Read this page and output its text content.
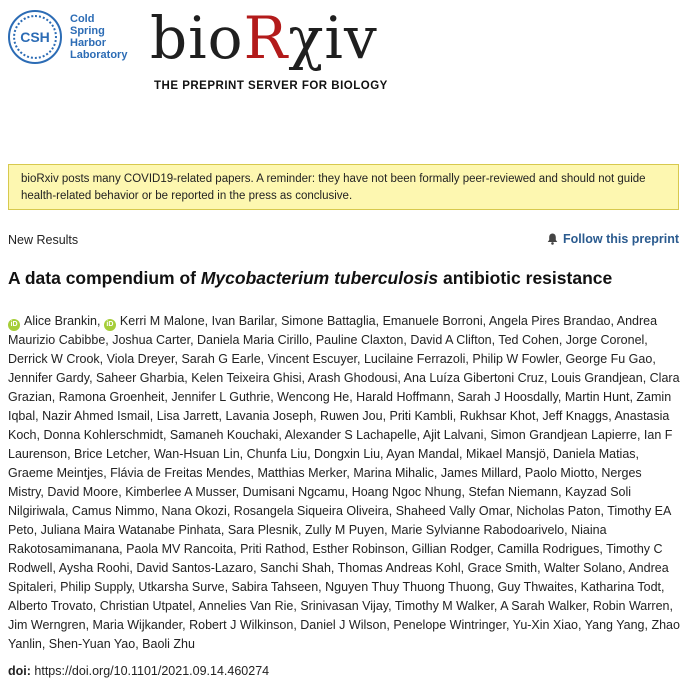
CSH
Cold
Spring
Harbor
Laboratory bioRχiv
THE PREPRINT SERVER FOR BIOLOGY
bioRxiv posts many COVID19-related papers. A reminder: they have not been formally peer-reviewed and should not guide health-related behavior or be reported in the press as conclusive.
New Results	Follow this preprint
A data compendium of Mycobacterium tuberculosis antibiotic resistance
iD Alice Brankin, iD Kerri M Malone, Ivan Barilar, Simone Battaglia, Emanuele Borroni, Angela Pires Brandao, Andrea Maurizio Cabibbe, Joshua Carter, Daniela Maria Cirillo, Pauline Claxton, David A Clifton, Ted Cohen, Jorge Coronel, Derrick W Crook, Viola Dreyer, Sarah G Earle, Vincent Escuyer, Lucilaine Ferrazoli, Philip W Fowler, George Fu Gao, Jennifer Gardy, Saheer Gharbia, Kelen Teixeira Ghisi, Arash Ghodousi, Ana Luíza Gibertoni Cruz, Louis Grandjean, Clara Grazian, Ramona Groenheit, Jennifer L Guthrie, Wencong He, Harald Hoffmann, Sarah J Hoosdally, Martin Hunt, Zamin Iqbal, Nazir Ahmed Ismail, Lisa Jarrett, Lavania Joseph, Ruwen Jou, Priti Kambli, Rukhsar Khot, Jeff Knaggs, Anastasia Koch, Donna Kohlerschmidt, Samaneh Kouchaki, Alexander S Lachapelle, Ajit Lalvani, Simon Grandjean Lapierre, Ian F Laurenson, Brice Letcher, Wan-Hsuan Lin, Chunfa Liu, Dongxin Liu, Ayan Mandal, Mikael Mansjö, Daniela Matias, Graeme Meintjes, Flávia de Freitas Mendes, Matthias Merker, Marina Mihalic, James Millard, Paolo Miotto, Nerges Mistry, David Moore, Kimberlee A Musser, Dumisani Ngcamu, Hoang Ngoc Nhung, Stefan Niemann, Kayzad Soli Nilgiriwala, Camus Nimmo, Nana Okozi, Rosangela Siqueira Oliveira, Shaheed Vally Omar, Nicholas Paton, Timothy EA Peto, Juliana Maira Watanabe Pinhata, Sara Plesnik, Zully M Puyen, Marie Sylvianne Rabodoarivelo, Niaina Rakotosamimanana, Paola MV Rancoita, Priti Rathod, Esther Robinson, Gillian Rodger, Camilla Rodrigues, Timothy C Rodwell, Aysha Roohi, David Santos-Lazaro, Sanchi Shah, Thomas Andreas Kohl, Grace Smith, Walter Solano, Andrea Spitaleri, Philip Supply, Utkarsha Surve, Sabira Tahseen, Nguyen Thuy Thuong Thuong, Guy Thwaites, Katharina Todt, Alberto Trovato, Christian Utpatel, Annelies Van Rie, Srinivasan Vijay, Timothy M Walker, A Sarah Walker, Robin Warren, Jim Werngren, Maria Wijkander, Robert J Wilkinson, Daniel J Wilson, Penelope Wintringer, Yu-Xin Xiao, Yang Yang, Zhao Yanlin, Shen-Yuan Yao, Baoli Zhu
doi: https://doi.org/10.1101/2021.09.14.460274
